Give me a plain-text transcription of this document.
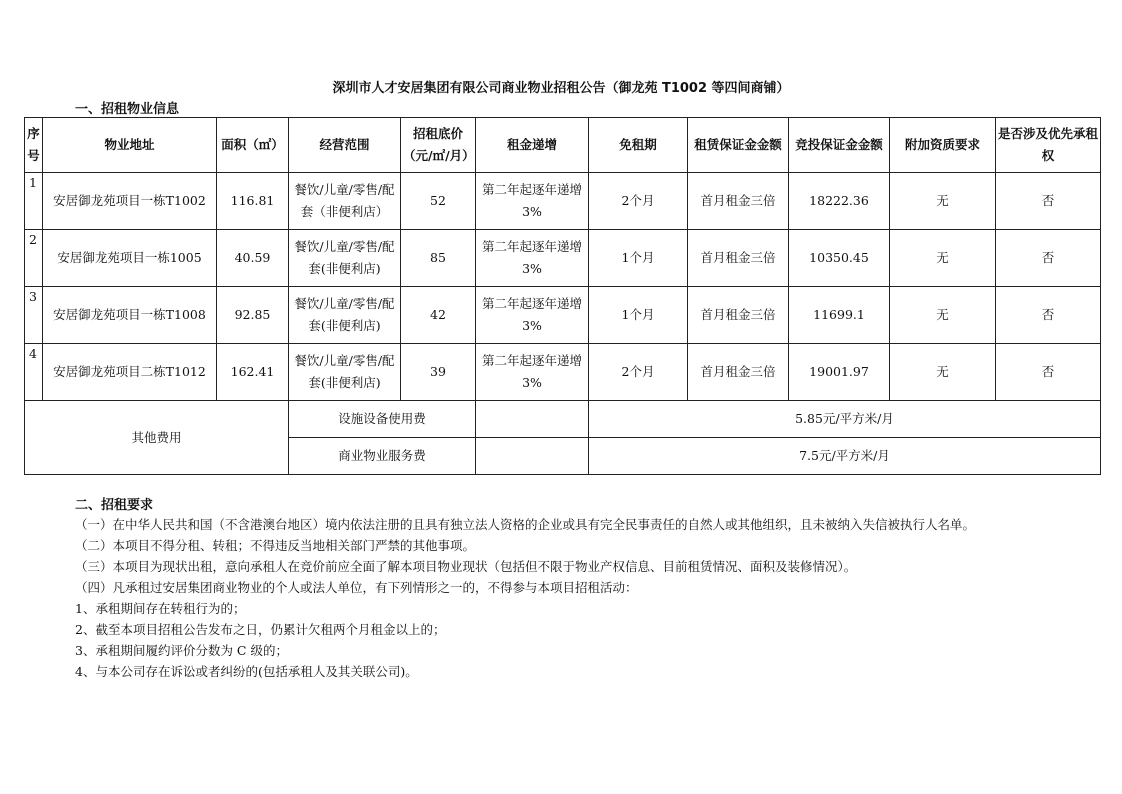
深圳市人才安居集团有限公司商业物业招租公告（御龙苑 T1002 等四间商铺）
一、招租物业信息
序号	物业地址	面积（㎡）	经营范围	招租底价（元/㎡/月）	租金递增	免租期	租赁保证金金额	竞投保证金金额	附加资质要求	是否涉及优先承租权
1	安居御龙苑项目一栋T1002	116.81	餐饮/儿童/零售/配套（非便利店）	52	第二年起逐年递增3%	2个月	首月租金三倍	18222.36	无	否
2	安居御龙苑项目一栋1005	40.59	餐饮/儿童/零售/配套(非便利店)	85	第二年起逐年递增3%	1个月	首月租金三倍	10350.45	无	否
3	安居御龙苑项目一栋T1008	92.85	餐饮/儿童/零售/配套(非便利店)	42	第二年起逐年递增3%	1个月	首月租金三倍	11699.1	无	否
4	安居御龙苑项目二栋T1012	162.41	餐饮/儿童/零售/配套(非便利店)	39	第二年起逐年递增3%	2个月	首月租金三倍	19001.97	无	否
其他费用			设施设备使用费			5.85元/平方米/月				
			商业物业服务费			7.5元/平方米/月				
二、招租要求

（一）在中华人民共和国（不含港澳台地区）境内依法注册的且具有独立法人资格的企业或具有完全民事责任的自然人或其他组织，且未被纳入失信被执行人名单。

（二）本项目不得分租、转租；不得违反当地相关部门严禁的其他事项。

（三）本项目为现状出租，意向承租人在竞价前应全面了解本项目物业现状（包括但不限于物业产权信息、目前租赁情况、面积及装修情况）。

（四）凡承租过安居集团商业物业的个人或法人单位，有下列情形之一的，不得参与本项目招租活动：

1、承租期间存在转租行为的；

2、截至本项目招租公告发布之日，仍累计欠租两个月租金以上的；

3、承租期间履约评价分数为 C 级的；

4、与本公司存在诉讼或者纠纷的(包括承租人及其关联公司)。
